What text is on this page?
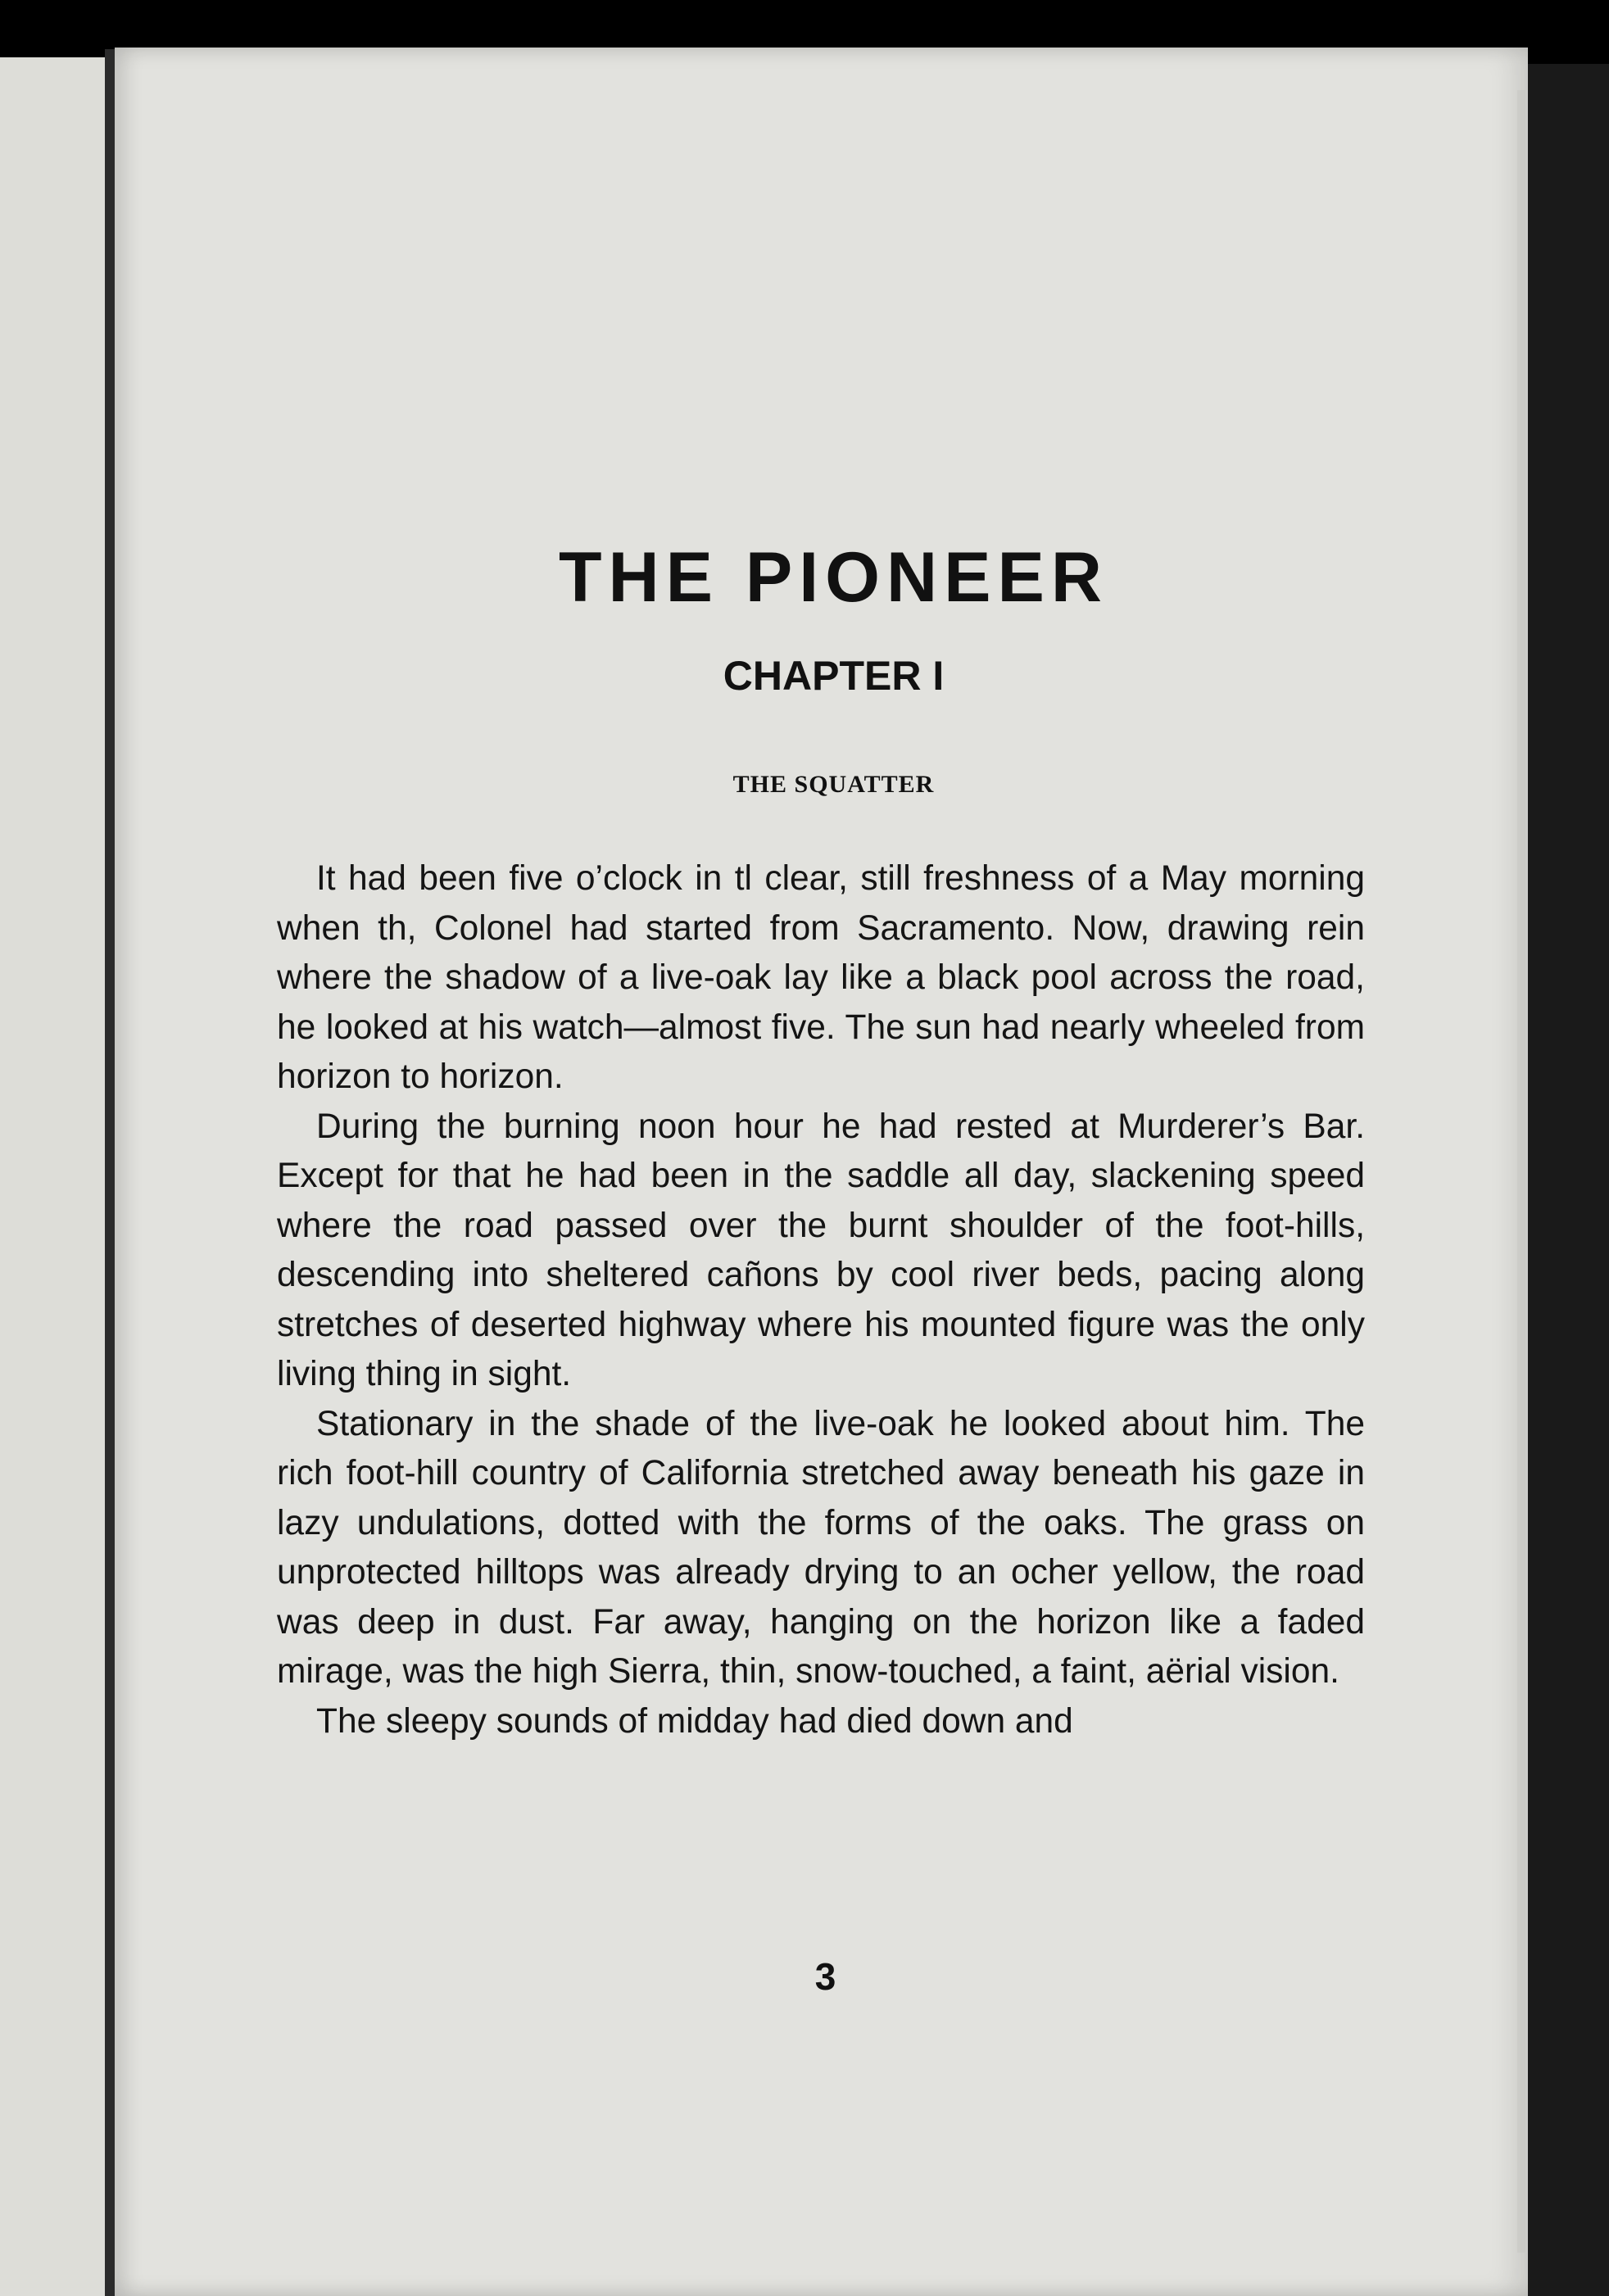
THE PIONEER
CHAPTER I
THE SQUATTER

It had been five o’clock in tl clear, still freshness of a May morning when th, Colonel had started from Sacramento. Now, drawing rein where the shadow of a live-oak lay like a black pool across the road, he looked at his watch—almost five. The sun had nearly wheeled from horizon to horizon.

During the burning noon hour he had rested at Murderer’s Bar. Except for that he had been in the saddle all day, slackening speed where the road passed over the burnt shoulder of the foot-hills, descending into sheltered cañons by cool river beds, pacing along stretches of deserted highway where his mounted figure was the only living thing in sight.

Stationary in the shade of the live-oak he looked about him. The rich foot-hill country of California stretched away beneath his gaze in lazy undulations, dotted with the forms of the oaks. The grass on unprotected hilltops was already drying to an ocher yellow, the road was deep in dust. Far away, hanging on the horizon like a faded mirage, was the high Sierra, thin, snow-touched, a faint, aërial vision.

The sleepy sounds of midday had died down and

3
